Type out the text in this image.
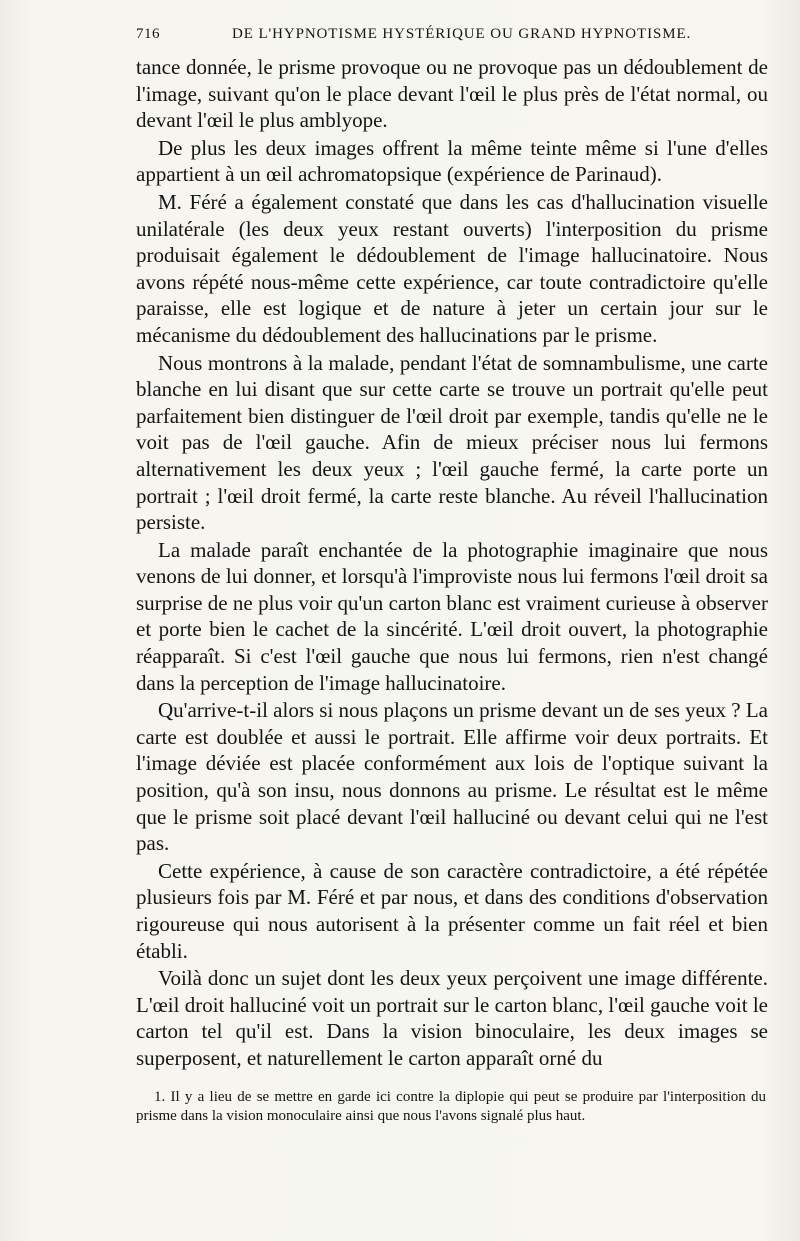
716	DE L'HYPNOTISME HYSTÉRIQUE OU GRAND HYPNOTISME.

tance donnée, le prisme provoque ou ne provoque pas un dédoublement de l'image, suivant qu'on le place devant l'œil le plus près de l'état normal, ou devant l'œil le plus amblyope.

De plus les deux images offrent la même teinte même si l'une d'elles appartient à un œil achromatopsique (expérience de Parinaud).

M. Féré a également constaté que dans les cas d'hallucination visuelle unilatérale (les deux yeux restant ouverts) l'interposition du prisme produisait également le dédoublement de l'image hallucinatoire. Nous avons répété nous-même cette expérience, car toute contradictoire qu'elle paraisse, elle est logique et de nature à jeter un certain jour sur le mécanisme du dédoublement des hallucinations par le prisme.

Nous montrons à la malade, pendant l'état de somnambulisme, une carte blanche en lui disant que sur cette carte se trouve un portrait qu'elle peut parfaitement bien distinguer de l'œil droit par exemple, tandis qu'elle ne le voit pas de l'œil gauche. Afin de mieux préciser nous lui fermons alternativement les deux yeux ; l'œil gauche fermé, la carte porte un portrait ; l'œil droit fermé, la carte reste blanche. Au réveil l'hallucination persiste.

La malade paraît enchantée de la photographie imaginaire que nous venons de lui donner, et lorsqu'à l'improviste nous lui fermons l'œil droit sa surprise de ne plus voir qu'un carton blanc est vraiment curieuse à observer et porte bien le cachet de la sincérité. L'œil droit ouvert, la photographie réapparaît. Si c'est l'œil gauche que nous lui fermons, rien n'est changé dans la perception de l'image hallucinatoire.

Qu'arrive-t-il alors si nous plaçons un prisme devant un de ses yeux ? La carte est doublée et aussi le portrait. Elle affirme voir deux portraits. Et l'image déviée est placée conformément aux lois de l'optique suivant la position, qu'à son insu, nous donnons au prisme. Le résultat est le même que le prisme soit placé devant l'œil halluciné ou devant celui qui ne l'est pas.

Cette expérience, à cause de son caractère contradictoire, a été répétée plusieurs fois par M. Féré et par nous, et dans des conditions d'observation rigoureuse qui nous autorisent à la présenter comme un fait réel et bien établi.

Voilà donc un sujet dont les deux yeux perçoivent une image différente. L'œil droit halluciné voit un portrait sur le carton blanc, l'œil gauche voit le carton tel qu'il est. Dans la vision binoculaire, les deux images se superposent, et naturellement le carton apparaît orné du

1. Il y a lieu de se mettre en garde ici contre la diplopie qui peut se produire par l'interposition du prisme dans la vision monoculaire ainsi que nous l'avons signalé plus haut.
